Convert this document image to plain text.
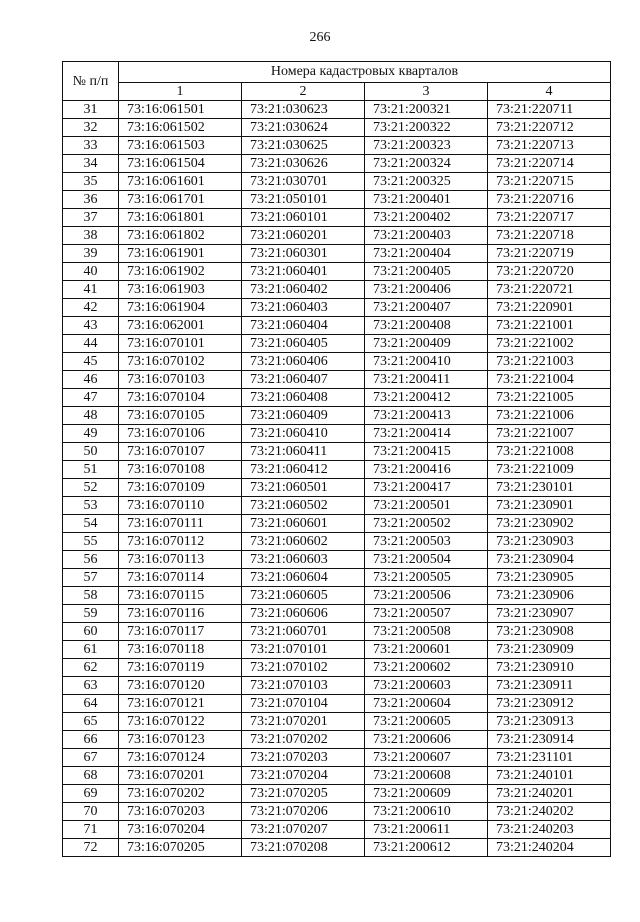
266
№ п/п	Номера кадастровых кварталов			
	1	2	3	4
31	73:16:061501	73:21:030623	73:21:200321	73:21:220711
32	73:16:061502	73:21:030624	73:21:200322	73:21:220712
33	73:16:061503	73:21:030625	73:21:200323	73:21:220713
34	73:16:061504	73:21:030626	73:21:200324	73:21:220714
35	73:16:061601	73:21:030701	73:21:200325	73:21:220715
36	73:16:061701	73:21:050101	73:21:200401	73:21:220716
37	73:16:061801	73:21:060101	73:21:200402	73:21:220717
38	73:16:061802	73:21:060201	73:21:200403	73:21:220718
39	73:16:061901	73:21:060301	73:21:200404	73:21:220719
40	73:16:061902	73:21:060401	73:21:200405	73:21:220720
41	73:16:061903	73:21:060402	73:21:200406	73:21:220721
42	73:16:061904	73:21:060403	73:21:200407	73:21:220901
43	73:16:062001	73:21:060404	73:21:200408	73:21:221001
44	73:16:070101	73:21:060405	73:21:200409	73:21:221002
45	73:16:070102	73:21:060406	73:21:200410	73:21:221003
46	73:16:070103	73:21:060407	73:21:200411	73:21:221004
47	73:16:070104	73:21:060408	73:21:200412	73:21:221005
48	73:16:070105	73:21:060409	73:21:200413	73:21:221006
49	73:16:070106	73:21:060410	73:21:200414	73:21:221007
50	73:16:070107	73:21:060411	73:21:200415	73:21:221008
51	73:16:070108	73:21:060412	73:21:200416	73:21:221009
52	73:16:070109	73:21:060501	73:21:200417	73:21:230101
53	73:16:070110	73:21:060502	73:21:200501	73:21:230901
54	73:16:070111	73:21:060601	73:21:200502	73:21:230902
55	73:16:070112	73:21:060602	73:21:200503	73:21:230903
56	73:16:070113	73:21:060603	73:21:200504	73:21:230904
57	73:16:070114	73:21:060604	73:21:200505	73:21:230905
58	73:16:070115	73:21:060605	73:21:200506	73:21:230906
59	73:16:070116	73:21:060606	73:21:200507	73:21:230907
60	73:16:070117	73:21:060701	73:21:200508	73:21:230908
61	73:16:070118	73:21:070101	73:21:200601	73:21:230909
62	73:16:070119	73:21:070102	73:21:200602	73:21:230910
63	73:16:070120	73:21:070103	73:21:200603	73:21:230911
64	73:16:070121	73:21:070104	73:21:200604	73:21:230912
65	73:16:070122	73:21:070201	73:21:200605	73:21:230913
66	73:16:070123	73:21:070202	73:21:200606	73:21:230914
67	73:16:070124	73:21:070203	73:21:200607	73:21:231101
68	73:16:070201	73:21:070204	73:21:200608	73:21:240101
69	73:16:070202	73:21:070205	73:21:200609	73:21:240201
70	73:16:070203	73:21:070206	73:21:200610	73:21:240202
71	73:16:070204	73:21:070207	73:21:200611	73:21:240203
72	73:16:070205	73:21:070208	73:21:200612	73:21:240204
